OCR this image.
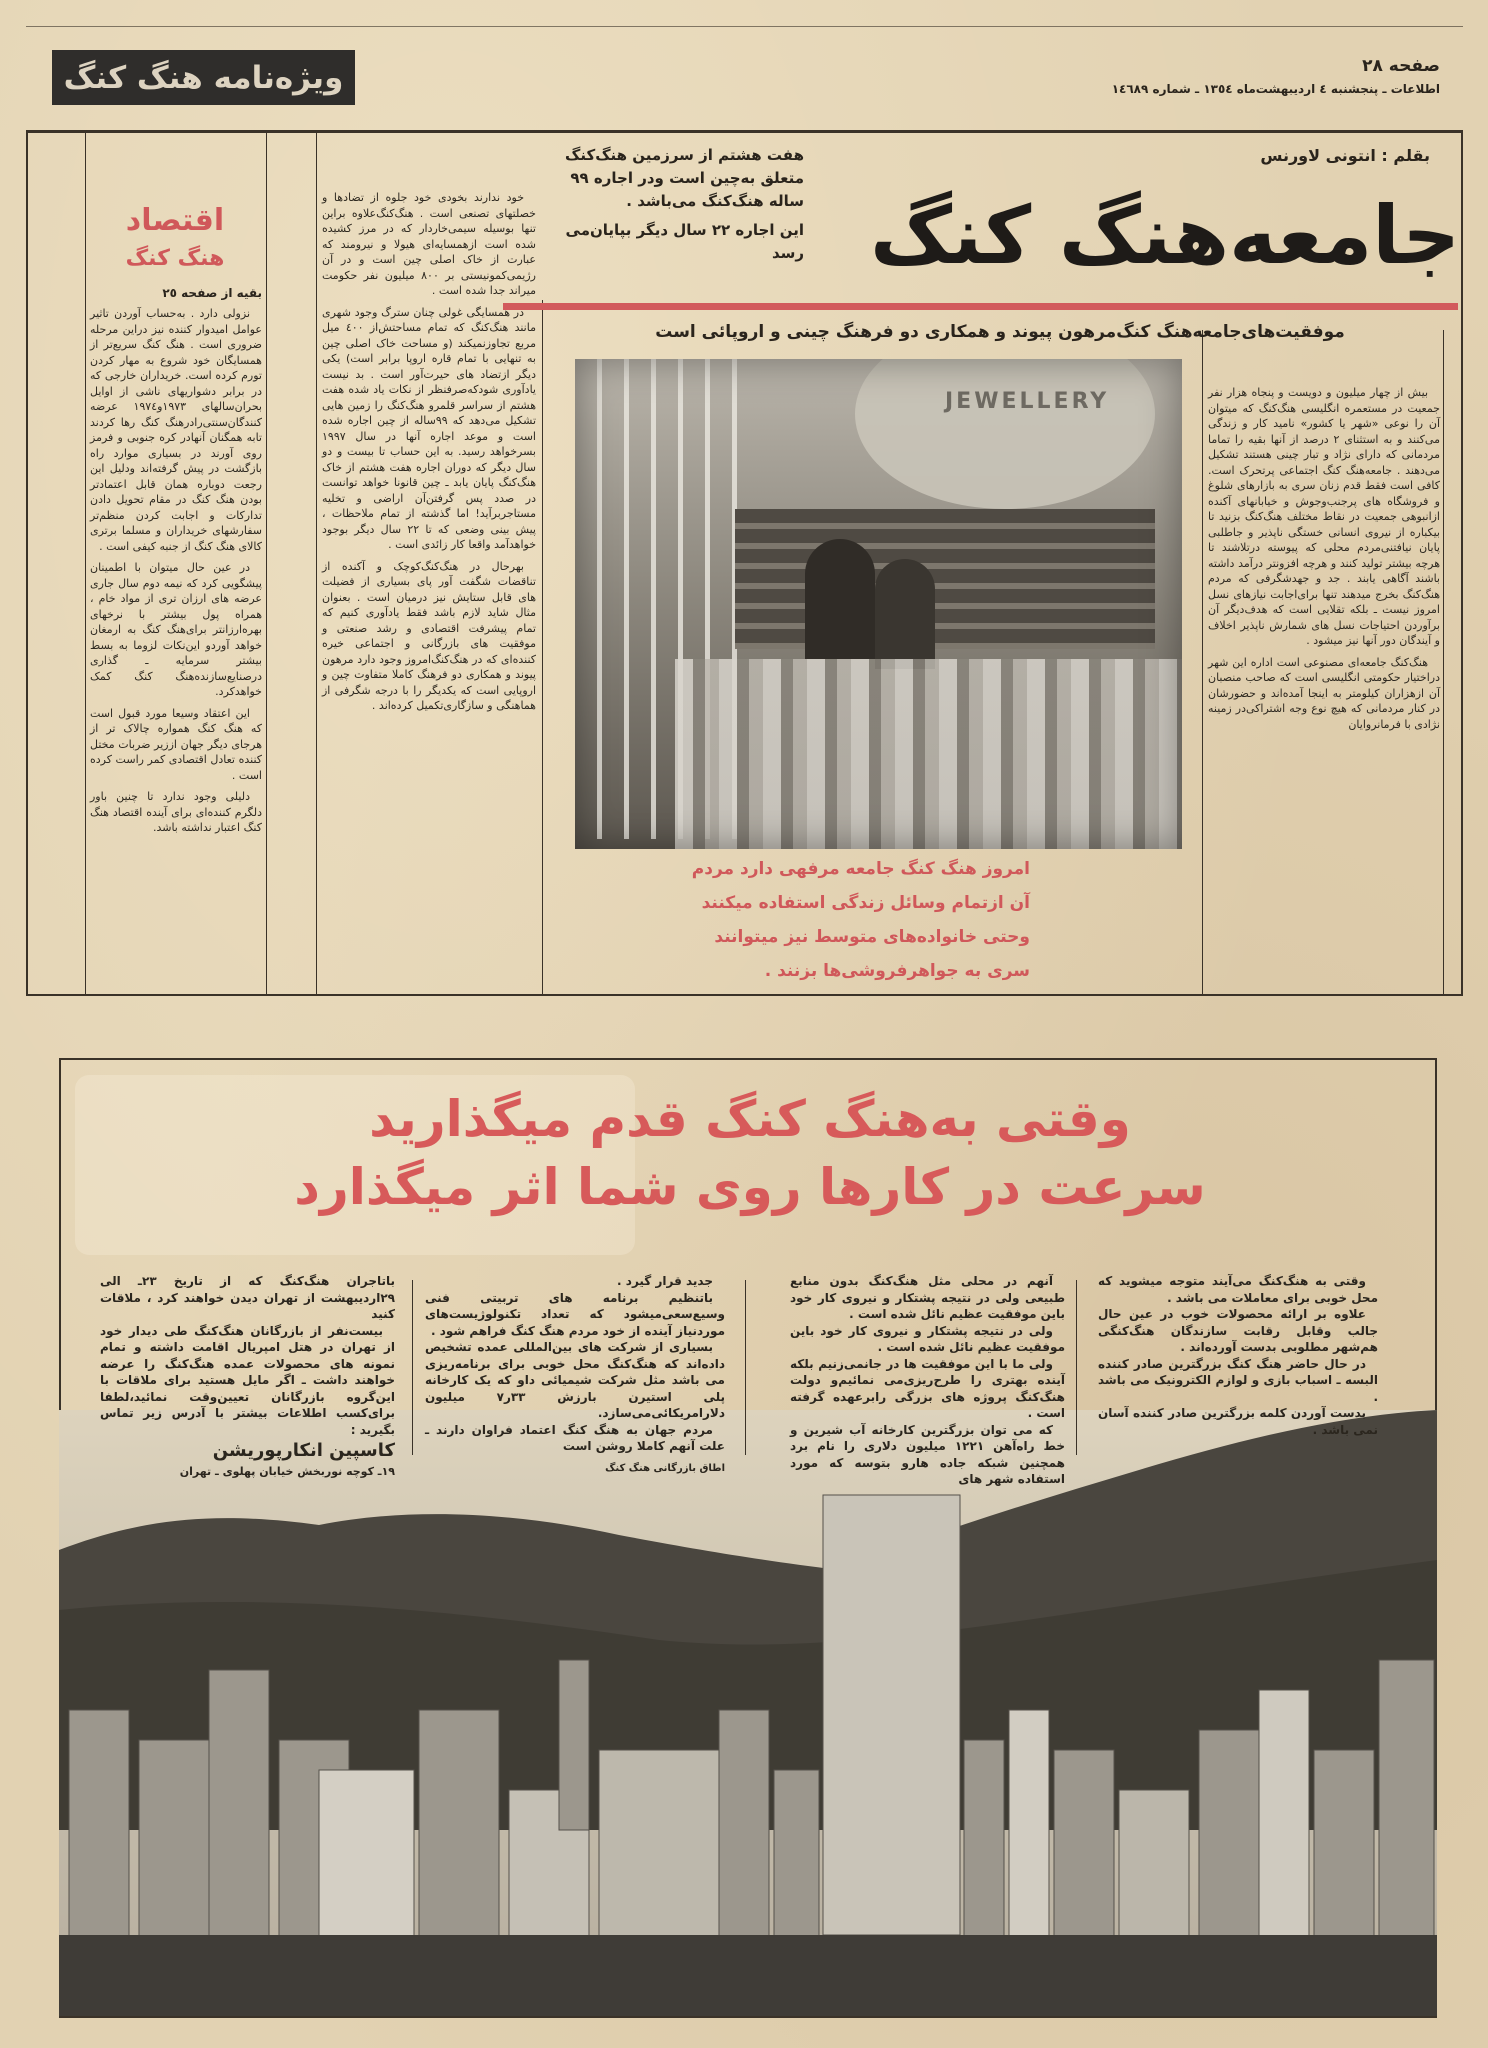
ویژه‌نامه هنگ کنگ	صفحه ۲۸
اطلاعات ـ پنجشنبه ٤ اردیبهشت‌ماه ۱۳٥٤ ـ شماره ۱٤٦۸۹
بقلم : انتونی لاورنس
جامعه‌هنگ کنگ

هفت هشتم از سرزمین هنگ‌کنگ متعلق به‌چین است ودر اجاره ۹۹ ساله هنگ‌کنگ می‌باشد .

این اجاره ۲۲ سال دیگر بپایان‌می رسد

موفقیت‌های‌جامعه‌هنگ کنگ‌مرهون پیوند و همکاری دو فرهنگ چینی و اروپائی است
JEWELLERY
امروز هنگ کنگ جامعه مرفهی دارد مردم
آن ازتمام وسائل زندگی استفاده میکنند
وحتی خانواده‌های متوسط نیز میتوانند
سری به جواهرفروشی‌ها بزنند .

بیش از چهار میلیون و دویست و پنجاه هزار نفر جمعیت در مستعمره انگلیسی هنگ‌کنگ که میتوان آن را نوعی «شهر یا کشور» نامید کار و زندگی می‌کنند و به استثنای ۲ درصد از آنها بقیه را تماما مردمانی که دارای نژاد و تبار چینی هستند تشکیل می‌دهند . جامعه‌هنگ کنگ اجتماعی پرتحرک است. کافی است فقط قدم زنان سری به بازارهای شلوغ و فروشگاه های پرجنب‌وجوش و خیابانهای آکنده ازانبوهی جمعیت در نقاط مختلف هنگ‌کنگ بزنید تا بیکباره از نیروی انسانی خستگی ناپذیر و جاطلبی پایان نیافتنی‌مردم محلی که پیوسته درتلاشند تا هرچه بیشتر تولید کنند و هرچه افزونتر درآمد داشته باشند آگاهی یابند . جد و جهدشگرفی که مردم هنگ‌کنگ بخرج میدهند تنها برای‌اجابت نیازهای نسل امروز نیست ـ بلکه تقلایی است که هدف‌دیگر آن برآوردن احتیاجات نسل های شمارش ناپذیر اخلاف و آیندگان دور آنها نیز میشود .

هنگ‌کنگ جامعه‌ای مصنوعی است اداره این شهر دراختیار حکومتی انگلیسی است که صاحب منصبان آن ازهزاران کیلومتر به اینجا آمده‌اند و حضورشان در کنار مردمانی که هیچ نوع وجه اشتراکی‌در زمینه نژادی با فرمانروایان

خود ندارند بخودی خود جلوه از تضادها و خصلتهای تصنعی است . هنگ‌کنگ‌علاوه براین تنها بوسیله سیمی‌خاردار که در مرز کشیده شده است ازهمسایه‌ای هیولا و نیرومند که عبارت از خاک اصلی چین است و در آن رژیمی‌کمونیستی بر ۸۰۰ میلیون نفر حکومت میراند جدا شده است .

در همسایگی غولی چنان سترگ وجود شهری مانند هنگ‌کنگ که تمام مساحتش‌از ٤۰۰ میل مربع تجاوزنمیکند (و مساحت خاک اصلی چین به تنهایی با تمام قاره اروپا برابر است) یکی دیگر ازتضاد های حیرت‌آور است . بد نیست یادآوری شودکه‌صرفنظر از نکات یاد شده هفت هشتم از سراسر قلمرو هنگ‌کنگ را زمین هایی تشکیل می‌دهد که ۹۹ساله از چین اجاره شده است و موعد اجاره آنها در سال ۱۹۹۷ بسرخواهد رسید. به این حساب تا بیست و دو سال دیگر که دوران اجاره هفت هشتم از خاک هنگ‌کنگ پایان یابد ـ چین قانونا خواهد توانست در صدد پس گرفتن‌آن اراضی و تخلیه مستاجربرآید! اما گذشته از تمام ملاحظات ، پیش بینی وضعی که تا ۲۲ سال دیگر بوجود خواهدآمد واقعا کار زائدی است .

بهرحال در هنگ‌کنگ‌کوچک و آکنده از تناقضات شگفت آور پای بسیاری از فضیلت های قابل ستایش نیز درمیان است . بعنوان مثال شاید لازم باشد فقط یادآوری کنیم که تمام پیشرفت اقتصادی و رشد صنعتی و موفقیت های بازرگانی و اجتماعی خیره کننده‌ای که در هنگ‌کنگ‌امروز وجود دارد مرهون پیوند و همکاری دو فرهنگ کاملا متفاوت چین و اروپایی است که یکدیگر را با درجه شگرفی از هماهنگی و سازگاری‌تکمیل کرده‌اند .

اقتصاد
هنگ کنگ
بقیه از صفحه ۲٥

نزولی دارد . به‌حساب آوردن تاثیر عوامل امیدوار کننده نیز دراین مرحله ضروری است . هنگ کنگ سریع‌تر از همسایگان خود شروع به مهار کردن تورم کرده است. خریداران خارجی که در برابر دشواریهای ناشی از اوایل بحران‌سالهای ۱۹۷۳و۱۹۷٤ عرضه کنندگان‌سنتی‌رادرهنگ کنگ رها کردند تابه همگنان آنهادر کره جنوبی و فرمز روی آورند در بسیاری موارد راه بازگشت در پیش گرفته‌اند ودلیل این رجعت دوباره همان قابل اعتمادتر بودن هنگ کنگ در مقام تحویل دادن تدارکات و اجابت کردن منظم‌تر سفارشهای خریداران و مسلما برتری کالای هنگ کنگ از جنبه کیفی است .

در عین حال میتوان با اطمینان پیشگویی کرد که نیمه دوم سال جاری عرضه های ارزان تری از مواد خام ، همراه پول بیشتر با نرخهای بهره‌ارزانتر برای‌هنگ کنگ به ارمغان خواهد آوردو این‌نکات لزوما به بسط بیشتر سرمایه ـ گذاری درصنایع‌سازنده‌هنگ کنگ کمک خواهدکرد.

این اعتقاد وسیعا مورد قبول است که هنگ کنگ همواره چالاک تر از هرجای دیگر جهان اززیر ضربات مختل کننده تعادل اقتصادی کمر راست کرده است .

دلیلی وجود ندارد تا چنین باور دلگرم کننده‌ای برای آینده اقتصاد هنگ کنگ اعتبار نداشته باشد.

وقتی به‌هنگ کنگ قدم میگذارید
سرعت در کارها روی شما اثر میگذارد

وقتی به هنگ‌کنگ می‌آیند متوجه میشوید که محل خوبی برای معاملات می باشد .

علاوه بر ارائه محصولات خوب در عین حال جالب وقابل رقابت سازندگان هنگ‌کنگی هم‌شهر مطلوبی بدست آورده‌اند .

در حال حاضر هنگ کنگ بزرگترین صادر کننده البسه ـ اسباب بازی و لوازم الکترونیک می باشد .

بدست آوردن کلمه بزرگترین صادر کننده آسان نمی باشد .

آنهم در محلی مثل هنگ‌کنگ بدون منابع طبیعی ولی در نتیجه پشتکار و نیروی کار خود باین موفقیت عظیم نائل شده است .

ولی در نتیجه پشتکار و نیروی کار خود باین موفقیت عظیم نائل شده است .

ولی ما با این موفقیت ها در جانمی‌زنیم بلکه آینده بهتری را طرح‌ریزی‌می نمائیم‌و دولت هنگ‌کنگ پروژه های بزرگی رابرعهده گرفته است .

که می توان بزرگترین کارخانه آب شیرین و خط راه‌آهن ۱۲۲۱ میلیون دلاری را نام برد همچنین شبکه جاده هارو بتوسه که مورد استفاده شهر های

جدید قرار گیرد .

باتنظیم برنامه های تربیتی فنی وسیع‌سعی‌میشود که تعداد تکنولوژیست‌های موردنیاز آینده از خود مردم هنگ کنگ فراهم شود .

بسیاری از شرکت های بین‌المللی عمده تشخیص داده‌اند که هنگ‌کنگ محل خوبی برای برنامه‌ریزی می باشد مثل شرکت شیمیائی داو که یک کارخانه پلی استیرن بارزش ۳۳ر۷ میلیون دلارامریکائی‌می‌سازد.

مردم جهان به هنگ کنگ اعتماد فراوان دارند ـ علت آنهم کاملا روشن است

اطاق بازرگانی هنگ کنگ
باتاجران هنگ‌کنگ که از تاریخ ۲۳ـ الی ۲۹اردیبهشت از تهران دیدن خواهند کرد ، ملاقات کنید

بیست‌نفر از بازرگانان هنگ‌کنگ طی دیدار خود از تهران در هتل امپریال اقامت داشته و تمام نمونه های محصولات عمده هنگ‌کنگ را عرضه خواهند داشت ـ اگر مایل هستید برای ملاقات با این‌گروه بازرگانان تعیین‌وقت نمائید،لطفا برای‌کسب اطلاعات بیشتر با آدرس زیر تماس بگیرید :

کاسپین انکارپوریشن
۱۹ـ کوچه نوربخش خیابان پهلوی ـ تهران
